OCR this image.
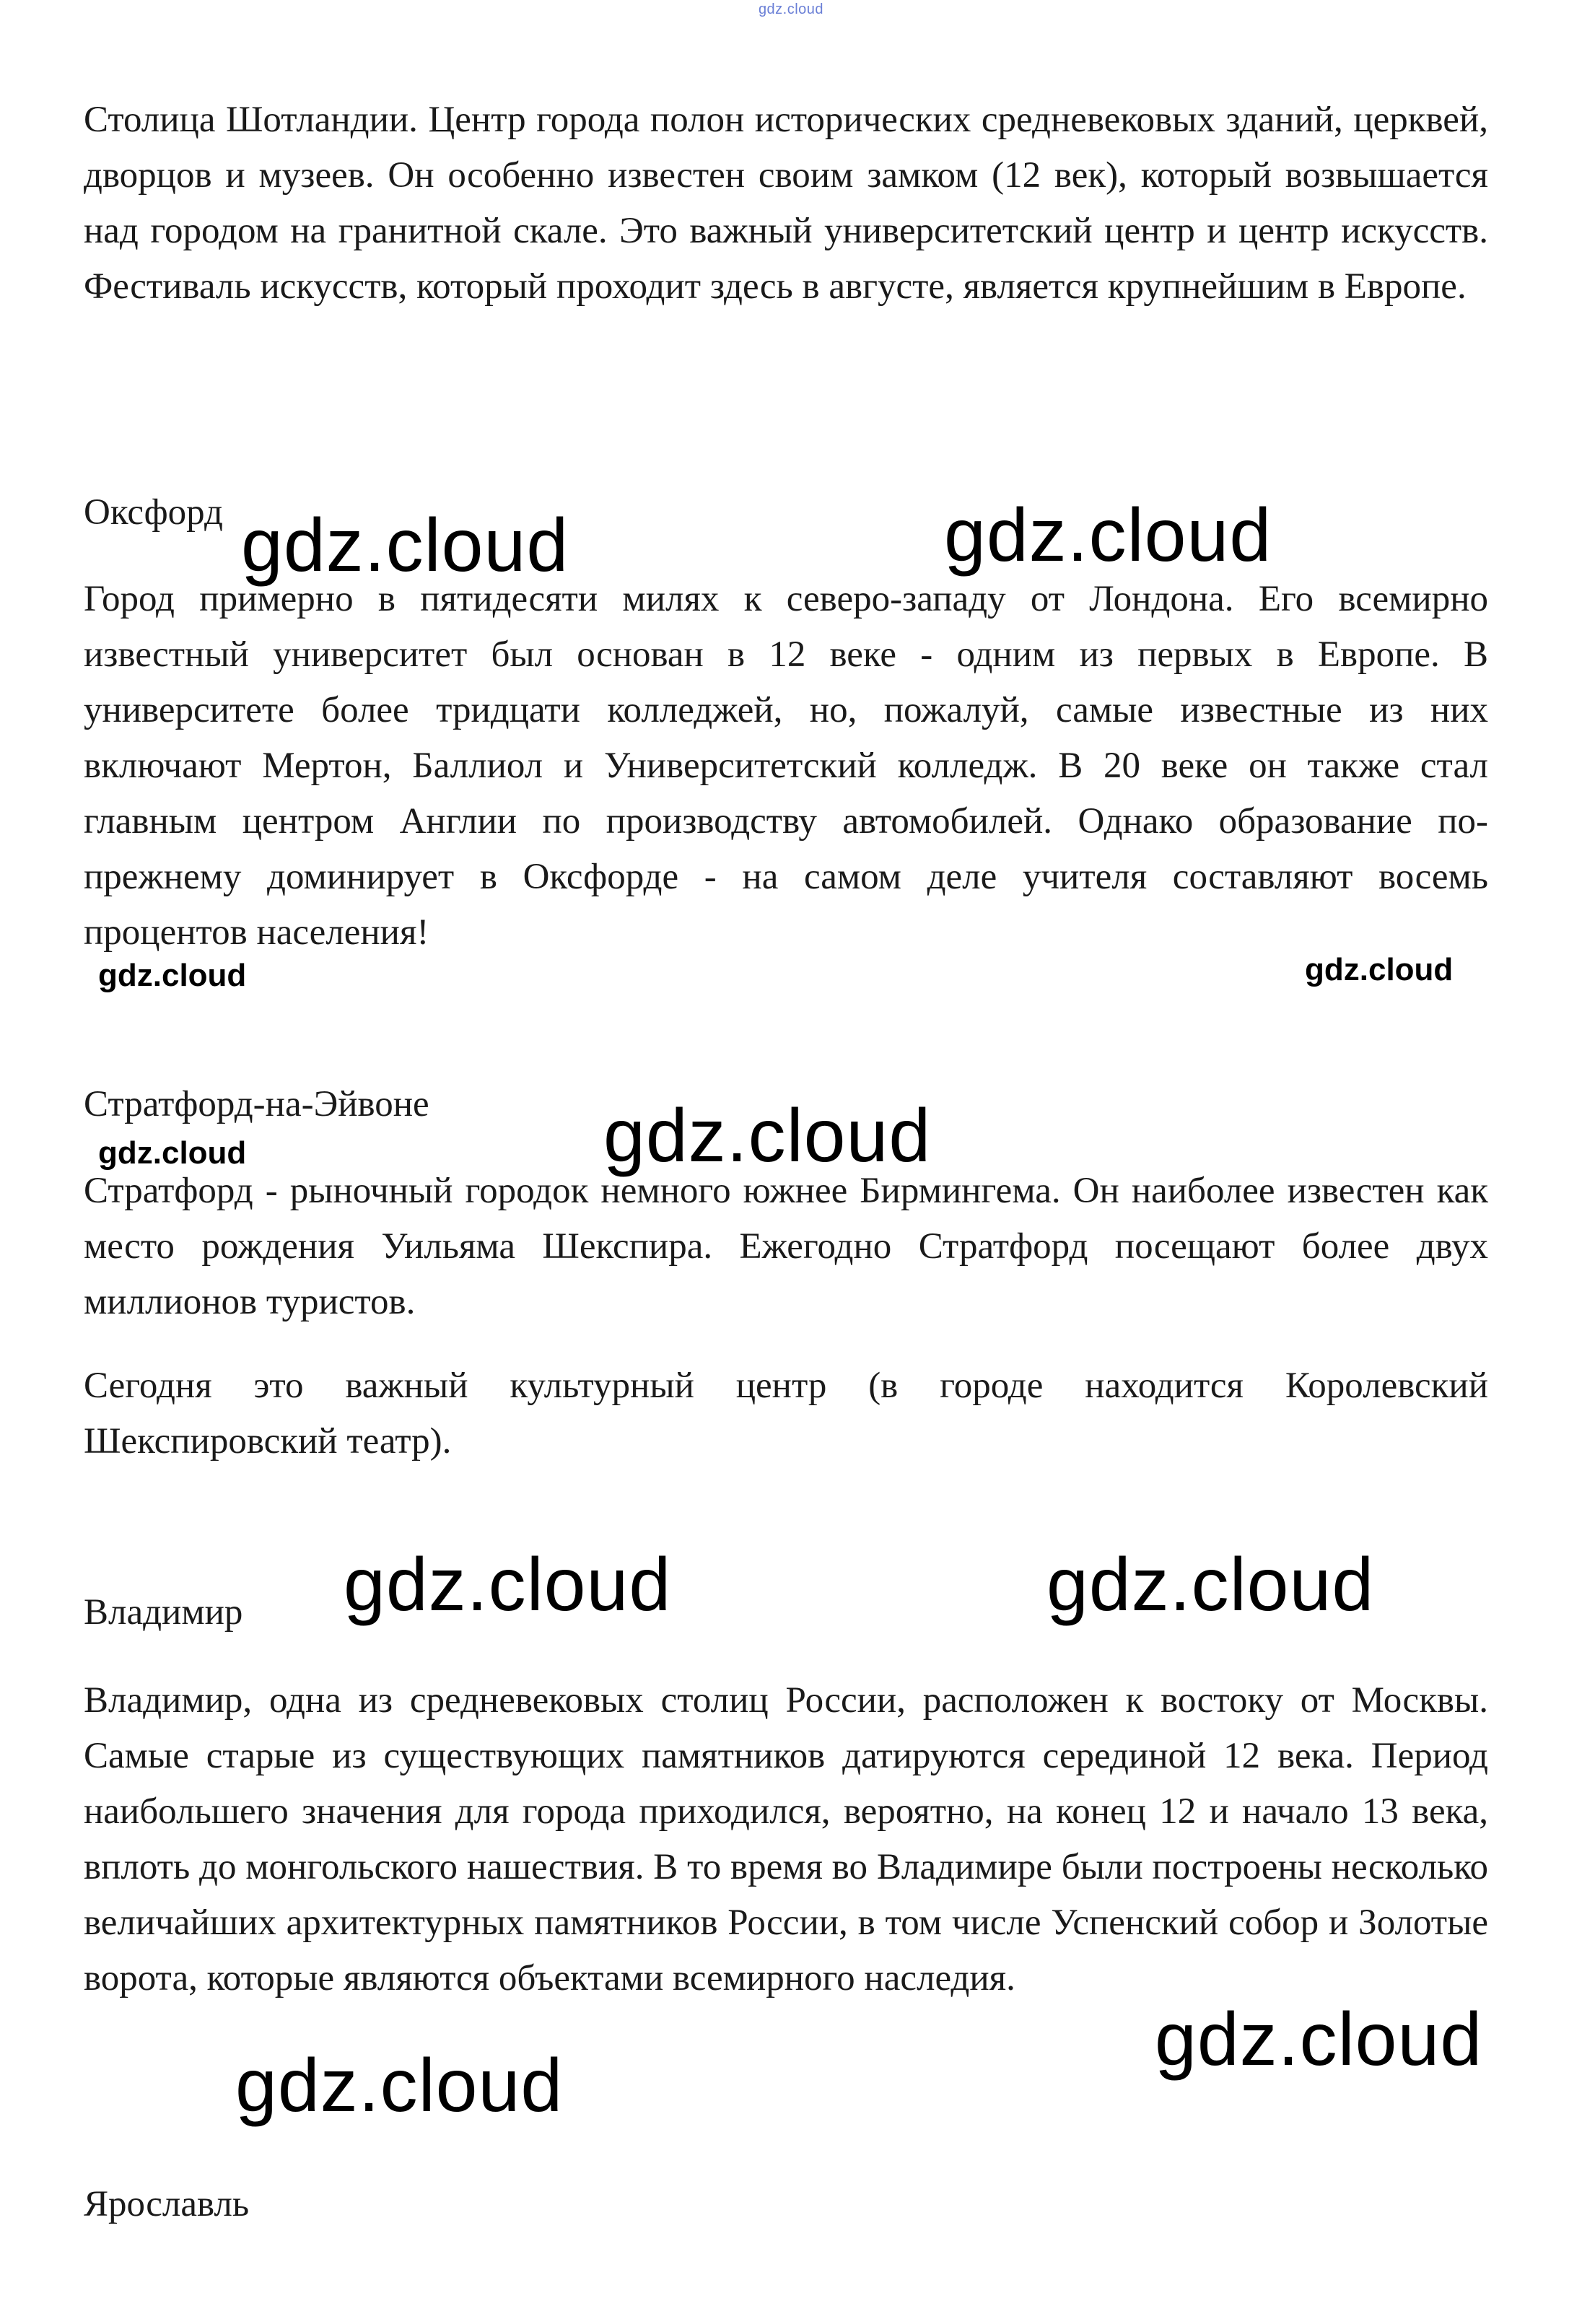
gdz.cloud

Столица Шотландии. Центр города полон исторических средневековых зданий, церквей, дворцов и музеев. Он особенно известен своим замком (12 век), который возвышается над городом на гранитной скале. Это важный университетский центр и центр искусств. Фестиваль искусств, который проходит здесь в августе, является крупнейшим в Европе.

Оксфорд

Город примерно в пятидесяти милях к северо-западу от Лондона. Его всемирно известный университет был основан в 12 веке - одним из первых в Европе. В университете более тридцати колледжей, но, пожалуй, самые известные из них включают Мертон, Баллиол и Университетский колледж. В 20 веке он также стал главным центром Англии по производству автомобилей. Однако образование по-прежнему доминирует в Оксфорде - на самом деле учителя составляют восемь процентов населения!

Стратфорд-на-Эйвоне

Стратфорд - рыночный городок немного южнее Бирмингема. Он наиболее известен как место рождения Уильяма Шекспира. Ежегодно Стратфорд посещают более двух миллионов туристов.

Сегодня это важный культурный центр (в городе находится Королевский Шекспировский театр).

Владимир

Владимир, одна из средневековых столиц России, расположен к востоку от Москвы. Самые старые из существующих памятников датируются серединой 12 века. Период наибольшего значения для города приходился, вероятно, на конец 12 и начало 13 века, вплоть до монгольского нашествия. В то время во Владимире были построены несколько величайших архитектурных памятников России, в том числе Успенский собор и Золотые ворота, которые являются объектами всемирного наследия.

Ярославль
gdz.cloud	gdz.cloud
gdz.cloud	gdz.cloud
gdz.cloud
gdz.cloud
gdz.cloud	gdz.cloud
gdz.cloud
gdz.cloud
